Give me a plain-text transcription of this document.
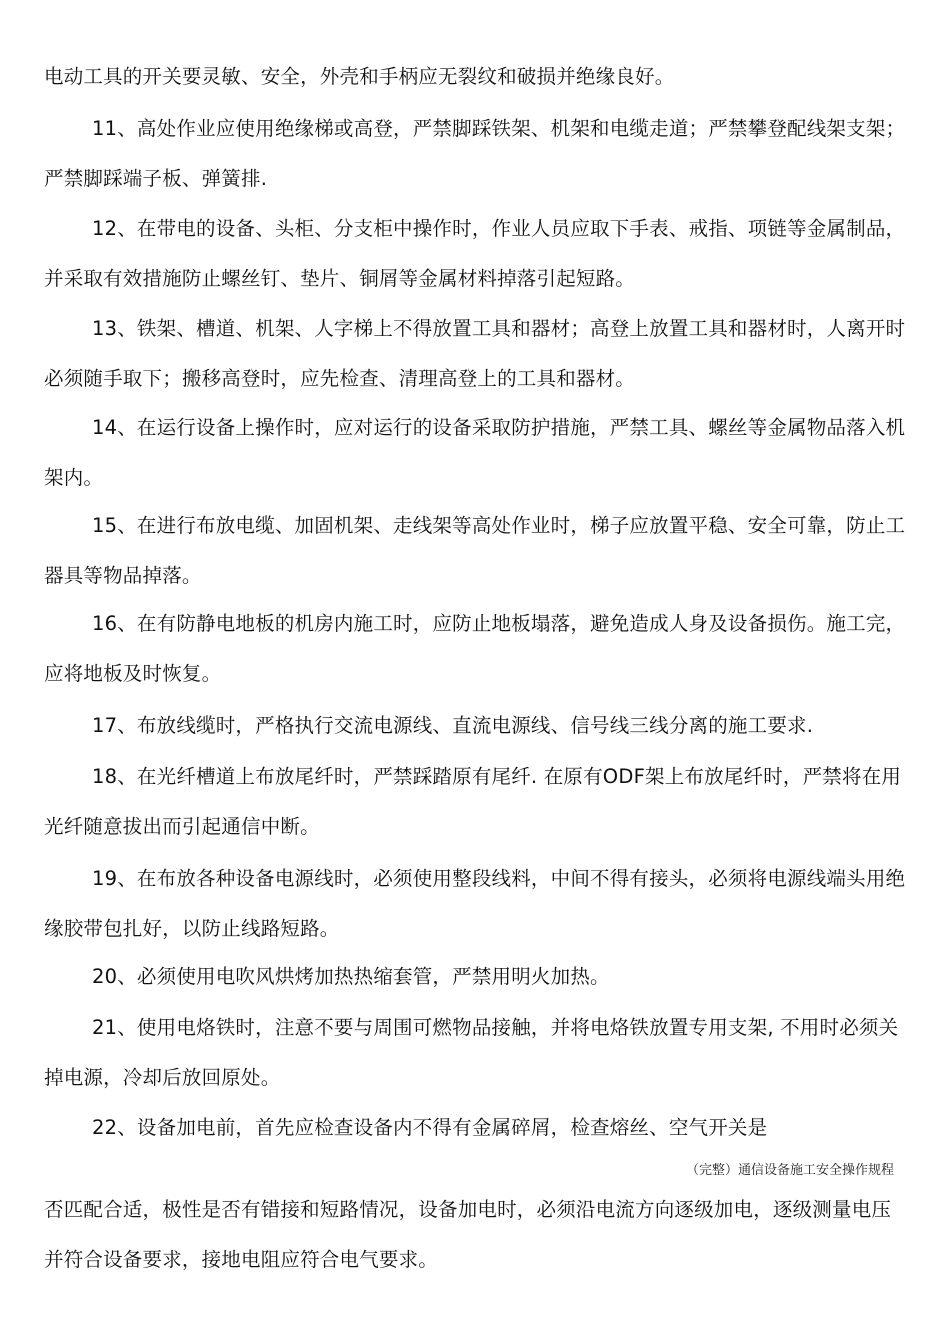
电动工具的开关要灵敏、安全，外壳和手柄应无裂纹和破损并绝缘良好。
11、高处作业应使用绝缘梯或高登，严禁脚踩铁架、机架和电缆走道；严禁攀登配线架支架；严禁脚踩端子板、弹簧排.
12、在带电的设备、头柜、分支柜中操作时，作业人员应取下手表、戒指、项链等金属制品，并采取有效措施防止螺丝钉、垫片、铜屑等金属材料掉落引起短路。
13、铁架、槽道、机架、人字梯上不得放置工具和器材；高登上放置工具和器材时，人离开时必须随手取下；搬移高登时，应先检查、清理高登上的工具和器材。
14、在运行设备上操作时，应对运行的设备采取防护措施，严禁工具、螺丝等金属物品落入机架内。
15、在进行布放电缆、加固机架、走线架等高处作业时，梯子应放置平稳、安全可靠，防止工器具等物品掉落。
16、在有防静电地板的机房内施工时，应防止地板塌落，避免造成人身及设备损伤。施工完，应将地板及时恢复。
17、布放线缆时，严格执行交流电源线、直流电源线、信号线三线分离的施工要求.
18、在光纤槽道上布放尾纤时，严禁踩踏原有尾纤. 在原有ODF架上布放尾纤时，严禁将在用光纤随意拔出而引起通信中断。
19、在布放各种设备电源线时，必须使用整段线料，中间不得有接头，必须将电源线端头用绝缘胶带包扎好，以防止线路短路。
20、必须使用电吹风烘烤加热热缩套管，严禁用明火加热。
21、使用电烙铁时，注意不要与周围可燃物品接触，并将电烙铁放置专用支架, 不用时必须关掉电源，冷却后放回原处。
22、设备加电前，首先应检查设备内不得有金属碎屑，检查熔丝、空气开关是
（完整）通信设备施工安全操作规程
否匹配合适，极性是否有错接和短路情况，设备加电时，必须沿电流方向逐级加电，逐级测量电压并符合设备要求，接地电阻应符合电气要求。
